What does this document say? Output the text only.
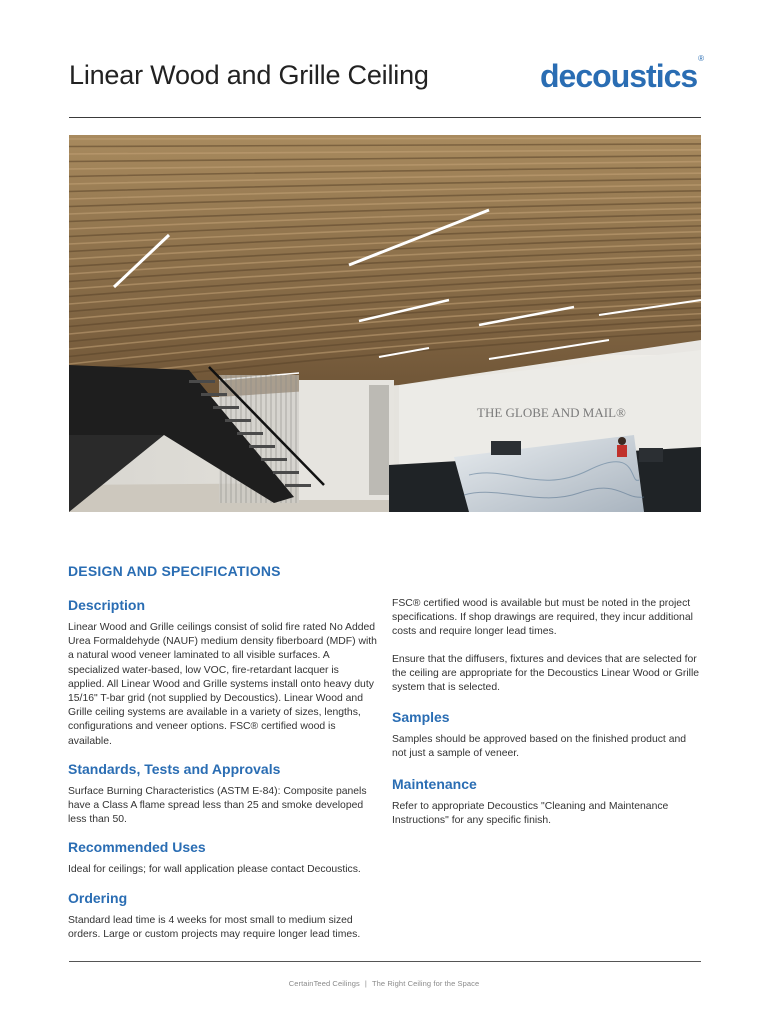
Linear Wood and Grille Ceiling	decoustics®
THE GLOBE AND MAIL®
DESIGN AND SPECIFICATIONS
Description

Linear Wood and Grille ceilings consist of solid fire rated No Added Urea Formaldehyde (NAUF) medium density fiberboard (MDF) with a natural wood veneer laminated to all visible surfaces. A specialized water-based, low VOC, fire-retardant lacquer is applied. All Linear Wood and Grille systems install onto heavy duty 15/16" T-bar grid (not supplied by Decoustics). Linear Wood and Grille ceiling systems are available in a variety of sizes, lengths, configurations and veneer options. FSC® certified wood is available.

Standards, Tests and Approvals

Surface Burning Characteristics (ASTM E-84): Composite panels have a Class A flame spread less than 25 and smoke developed less than 50.

Recommended Uses

Ideal for ceilings; for wall application please contact Decoustics.

Ordering

Standard lead time is 4 weeks for most small to medium sized orders. Large or custom projects may require longer lead times.

FSC® certified wood is available but must be noted in the project specifications. If shop drawings are required, they incur additional costs and require longer lead times.

Ensure that the diffusers, fixtures and devices that are selected for the ceiling are appropriate for the Decoustics Linear Wood or Grille system that is selected.

Samples

Samples should be approved based on the finished product and not just a sample of veneer.

Maintenance

Refer to appropriate Decoustics "Cleaning and Maintenance Instructions" for any specific finish.

CertainTeed Ceilings | The Right Ceiling for the Space
